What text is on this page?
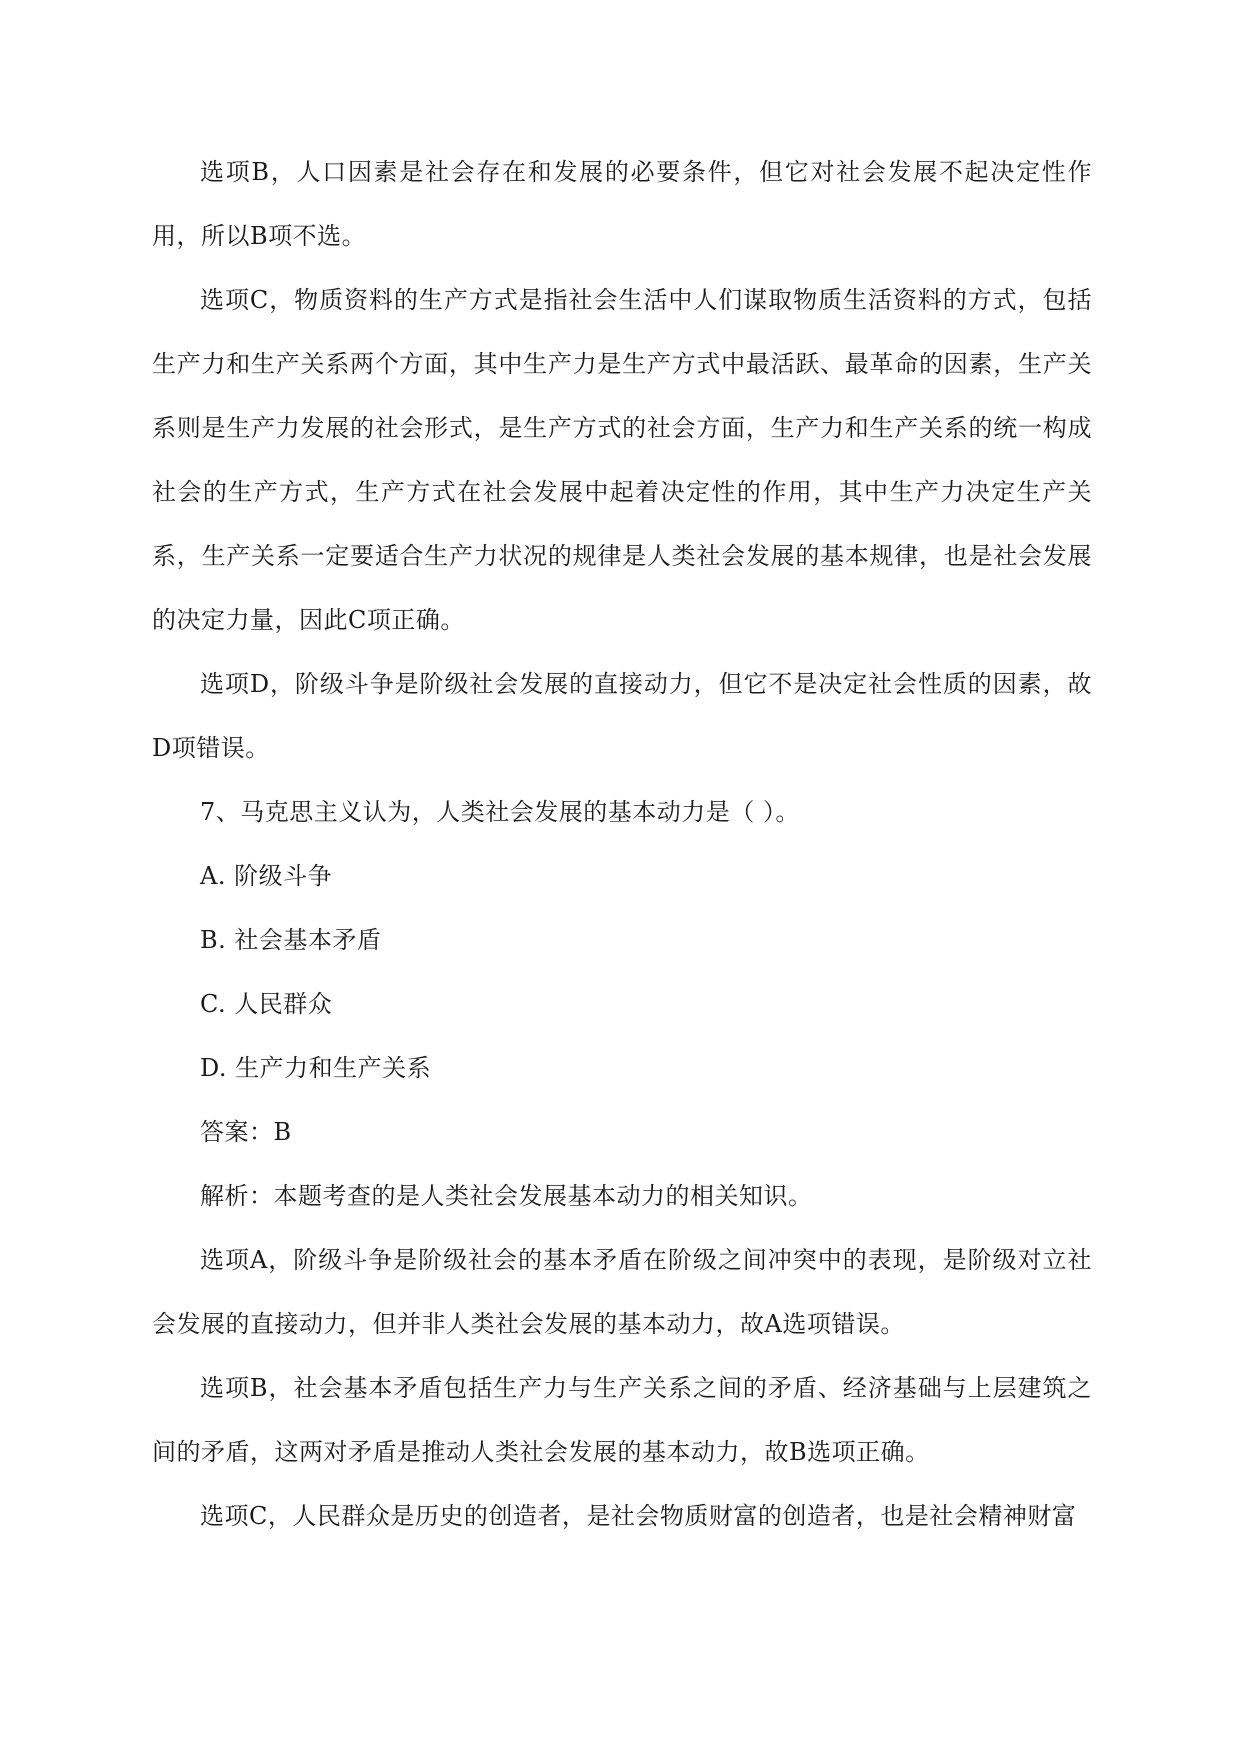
选项B，人口因素是社会存在和发展的必要条件，但它对社会发展不起决定性作用，所以B项不选。

选项C，物质资料的生产方式是指社会生活中人们谋取物质生活资料的方式，包括生产力和生产关系两个方面，其中生产力是生产方式中最活跃、最革命的因素，生产关系则是生产力发展的社会形式，是生产方式的社会方面，生产力和生产关系的统一构成社会的生产方式，生产方式在社会发展中起着决定性的作用，其中生产力决定生产关系，生产关系一定要适合生产力状况的规律是人类社会发展的基本规律，也是社会发展的决定力量，因此C项正确。

选项D，阶级斗争是阶级社会发展的直接动力，但它不是决定社会性质的因素，故D项错误。

7、马克思主义认为，人类社会发展的基本动力是（ ）。

A. 阶级斗争

B. 社会基本矛盾

C. 人民群众

D. 生产力和生产关系

答案：B

解析：本题考查的是人类社会发展基本动力的相关知识。

选项A，阶级斗争是阶级社会的基本矛盾在阶级之间冲突中的表现，是阶级对立社会发展的直接动力，但并非人类社会发展的基本动力，故A选项错误。

选项B，社会基本矛盾包括生产力与生产关系之间的矛盾、经济基础与上层建筑之间的矛盾，这两对矛盾是推动人类社会发展的基本动力，故B选项正确。

选项C，人民群众是历史的创造者，是社会物质财富的创造者，也是社会精神财富
